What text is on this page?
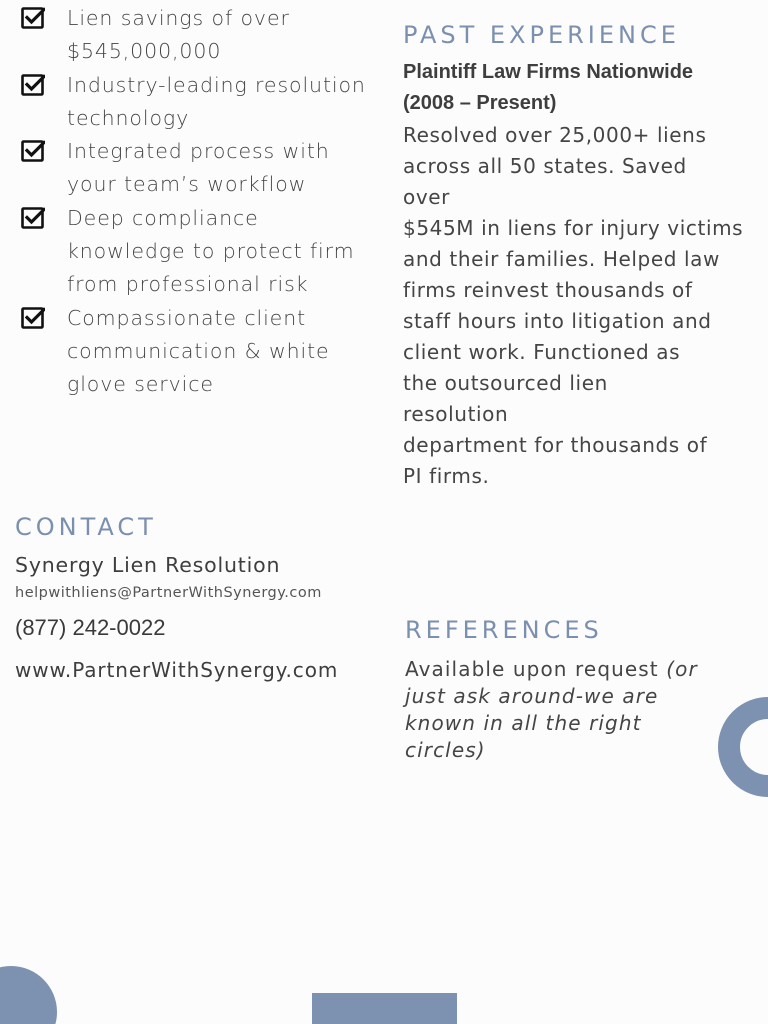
Lien savings of over
$545,000,000
Industry-leading resolution
technology
Integrated process with
your team’s workflow
Deep compliance
knowledge to protect firm
from professional risk
Compassionate client
communication & white
glove service
PAST EXPERIENCE

Plaintiff Law Firms Nationwide
(2008 – Present)

Resolved over 25,000+ liens
across all 50 states. Saved
over
$545M in liens for injury victims
and their families. Helped law
firms reinvest thousands of
staff hours into litigation and
client work. Functioned as
the outsourced lien
resolution
department for thousands of
PI firms.

CONTACT
Synergy Lien Resolution
helpwithliens@PartnerWithSynergy.com
(877) 242-0022
www.PartnerWithSynergy.com
REFERENCES

Available upon request (or
just ask around-we are
known in all the right
circles)
